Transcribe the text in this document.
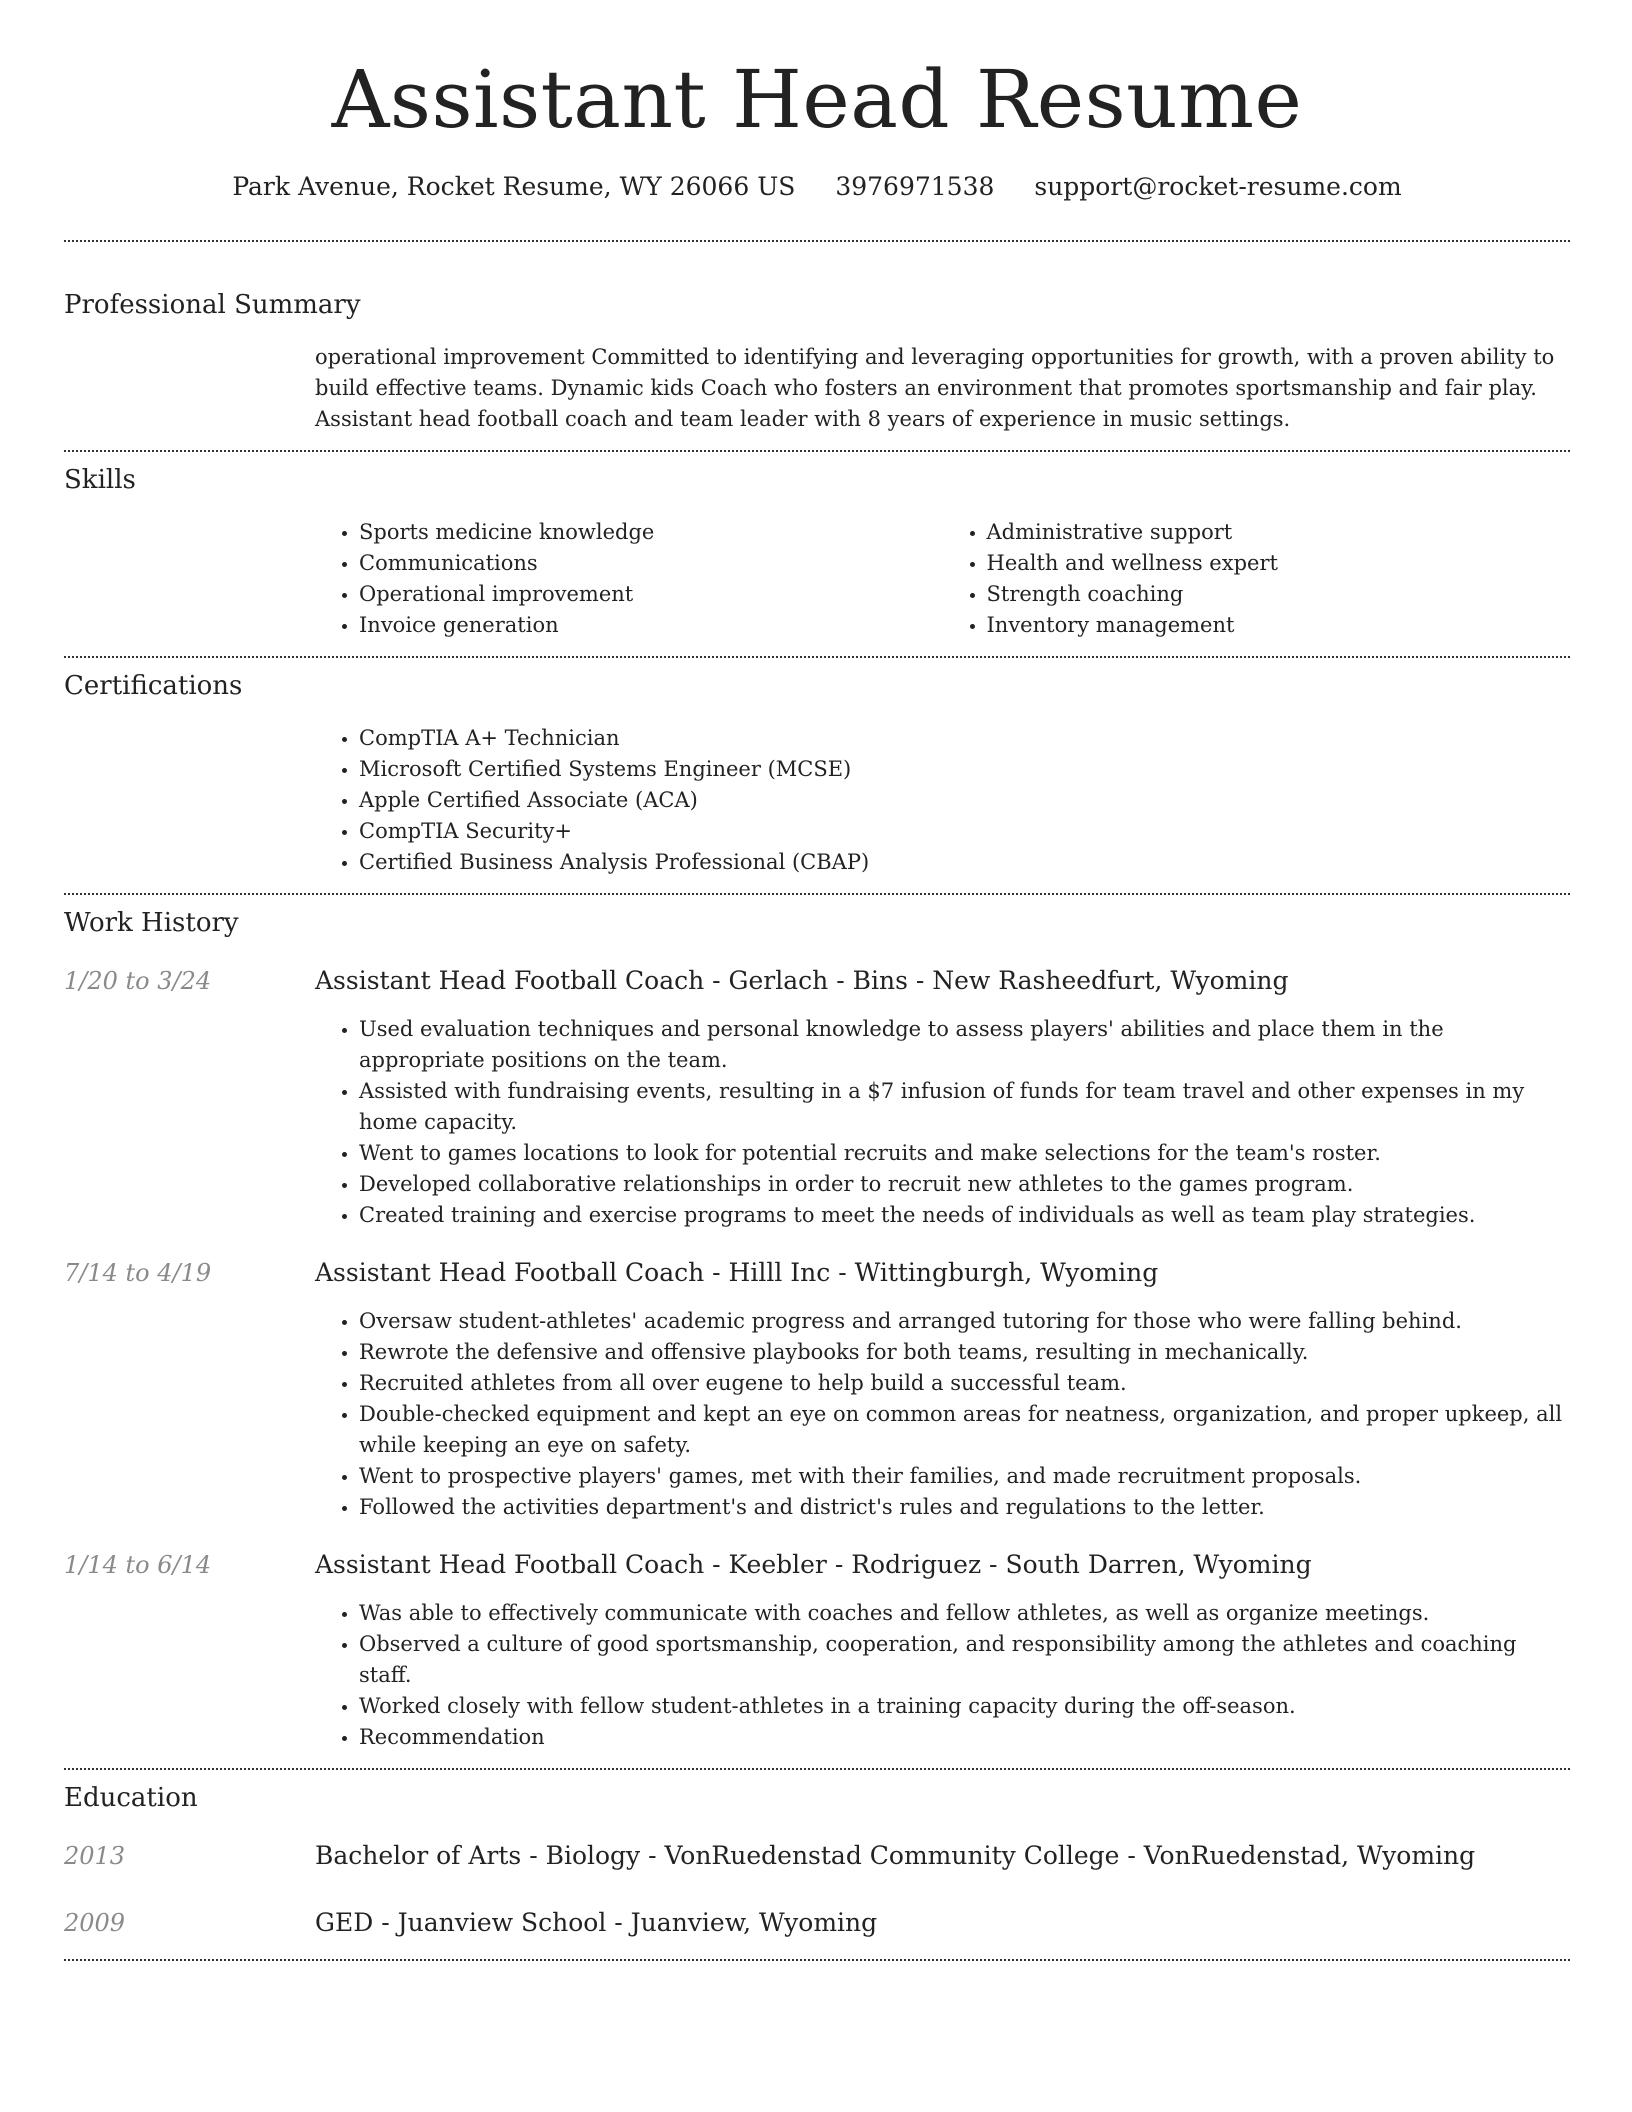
Assistant Head Resume
Park Avenue, Rocket Resume, WY 26066 US 3976971538 support@rocket-resume.com
Professional Summary

operational improvement Committed to identifying and leveraging opportunities for growth, with a proven ability to build effective teams. Dynamic kids Coach who fosters an environment that promotes sportsmanship and fair play. Assistant head football coach and team leader with 8 years of experience in music settings.

Skills
• Sports medicine knowledge
• Communications
• Operational improvement
• Invoice generation
• Administrative support
• Health and wellness expert
• Strength coaching
• Inventory management
Certifications
• CompTIA A+ Technician
• Microsoft Certified Systems Engineer (MCSE)
• Apple Certified Associate (ACA)
• CompTIA Security+
• Certified Business Analysis Professional (CBAP)
Work History
1/20 to 3/24	Assistant Head Football Coach - Gerlach - Bins - New Rasheedfurt, Wyoming
• Used evaluation techniques and personal knowledge to assess players' abilities and place them in the appropriate positions on the team.
• Assisted with fundraising events, resulting in a $7 infusion of funds for team travel and other expenses in my home capacity.
• Went to games locations to look for potential recruits and make selections for the team's roster.
• Developed collaborative relationships in order to recruit new athletes to the games program.
• Created training and exercise programs to meet the needs of individuals as well as team play strategies.
7/14 to 4/19	Assistant Head Football Coach - Hilll Inc - Wittingburgh, Wyoming
• Oversaw student-athletes' academic progress and arranged tutoring for those who were falling behind.
• Rewrote the defensive and offensive playbooks for both teams, resulting in mechanically.
• Recruited athletes from all over eugene to help build a successful team.
• Double-checked equipment and kept an eye on common areas for neatness, organization, and proper upkeep, all while keeping an eye on safety.
• Went to prospective players' games, met with their families, and made recruitment proposals.
• Followed the activities department's and district's rules and regulations to the letter.
1/14 to 6/14	Assistant Head Football Coach - Keebler - Rodriguez - South Darren, Wyoming
• Was able to effectively communicate with coaches and fellow athletes, as well as organize meetings.
• Observed a culture of good sportsmanship, cooperation, and responsibility among the athletes and coaching staff.
• Worked closely with fellow student-athletes in a training capacity during the off-season.
• Recommendation
Education
2013	Bachelor of Arts - Biology - VonRuedenstad Community College - VonRuedenstad, Wyoming
2009	GED - Juanview School - Juanview, Wyoming
